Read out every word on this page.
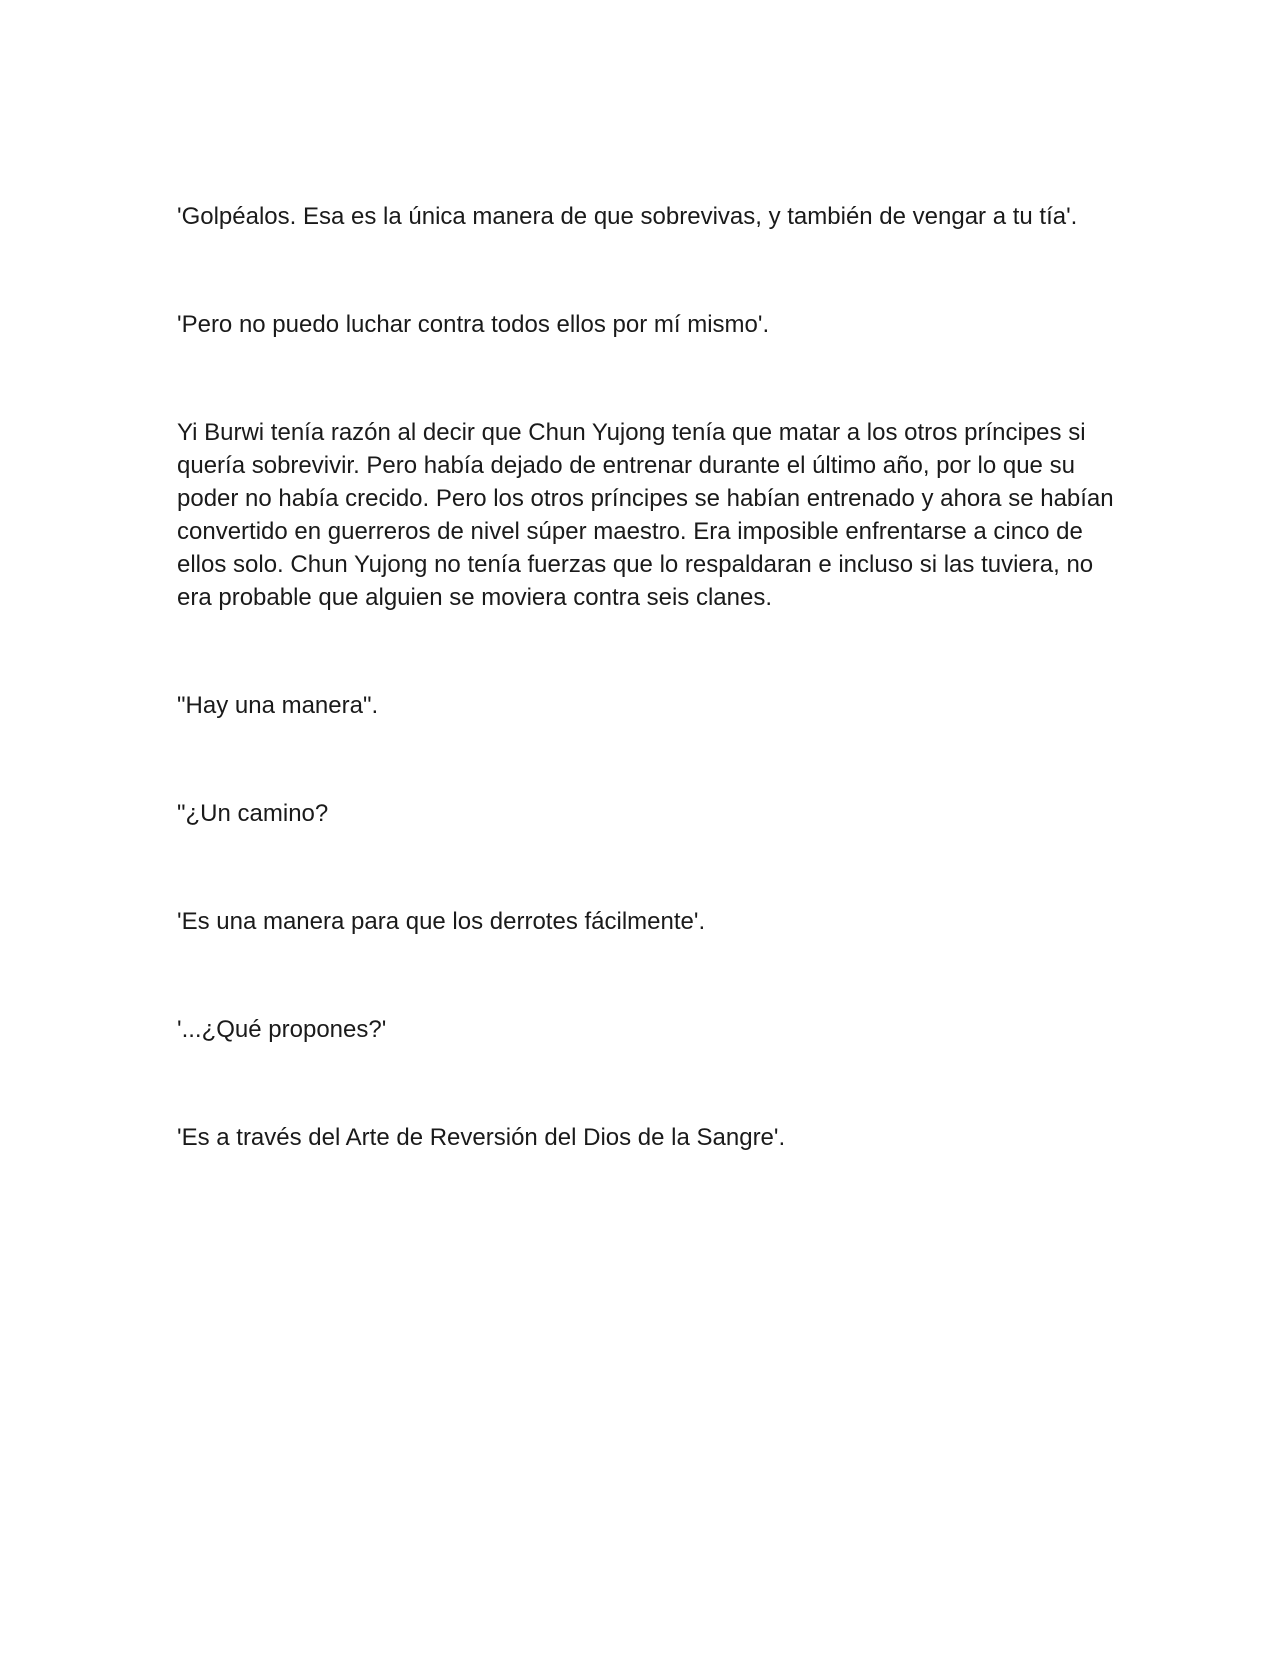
'Golpéalos. Esa es la única manera de que sobrevivas, y también de vengar a tu tía'.

'Pero no puedo luchar contra todos ellos por mí mismo'.

Yi Burwi tenía razón al decir que Chun Yujong tenía que matar a los otros príncipes si quería sobrevivir. Pero había dejado de entrenar durante el último año, por lo que su poder no había crecido. Pero los otros príncipes se habían entrenado y ahora se habían convertido en guerreros de nivel súper maestro. Era imposible enfrentarse a cinco de ellos solo. Chun Yujong no tenía fuerzas que lo respaldaran e incluso si las tuviera, no era probable que alguien se moviera contra seis clanes.

"Hay una manera".

"¿Un camino?

'Es una manera para que los derrotes fácilmente'.

'...¿Qué propones?'

'Es a través del Arte de Reversión del Dios de la Sangre'.
